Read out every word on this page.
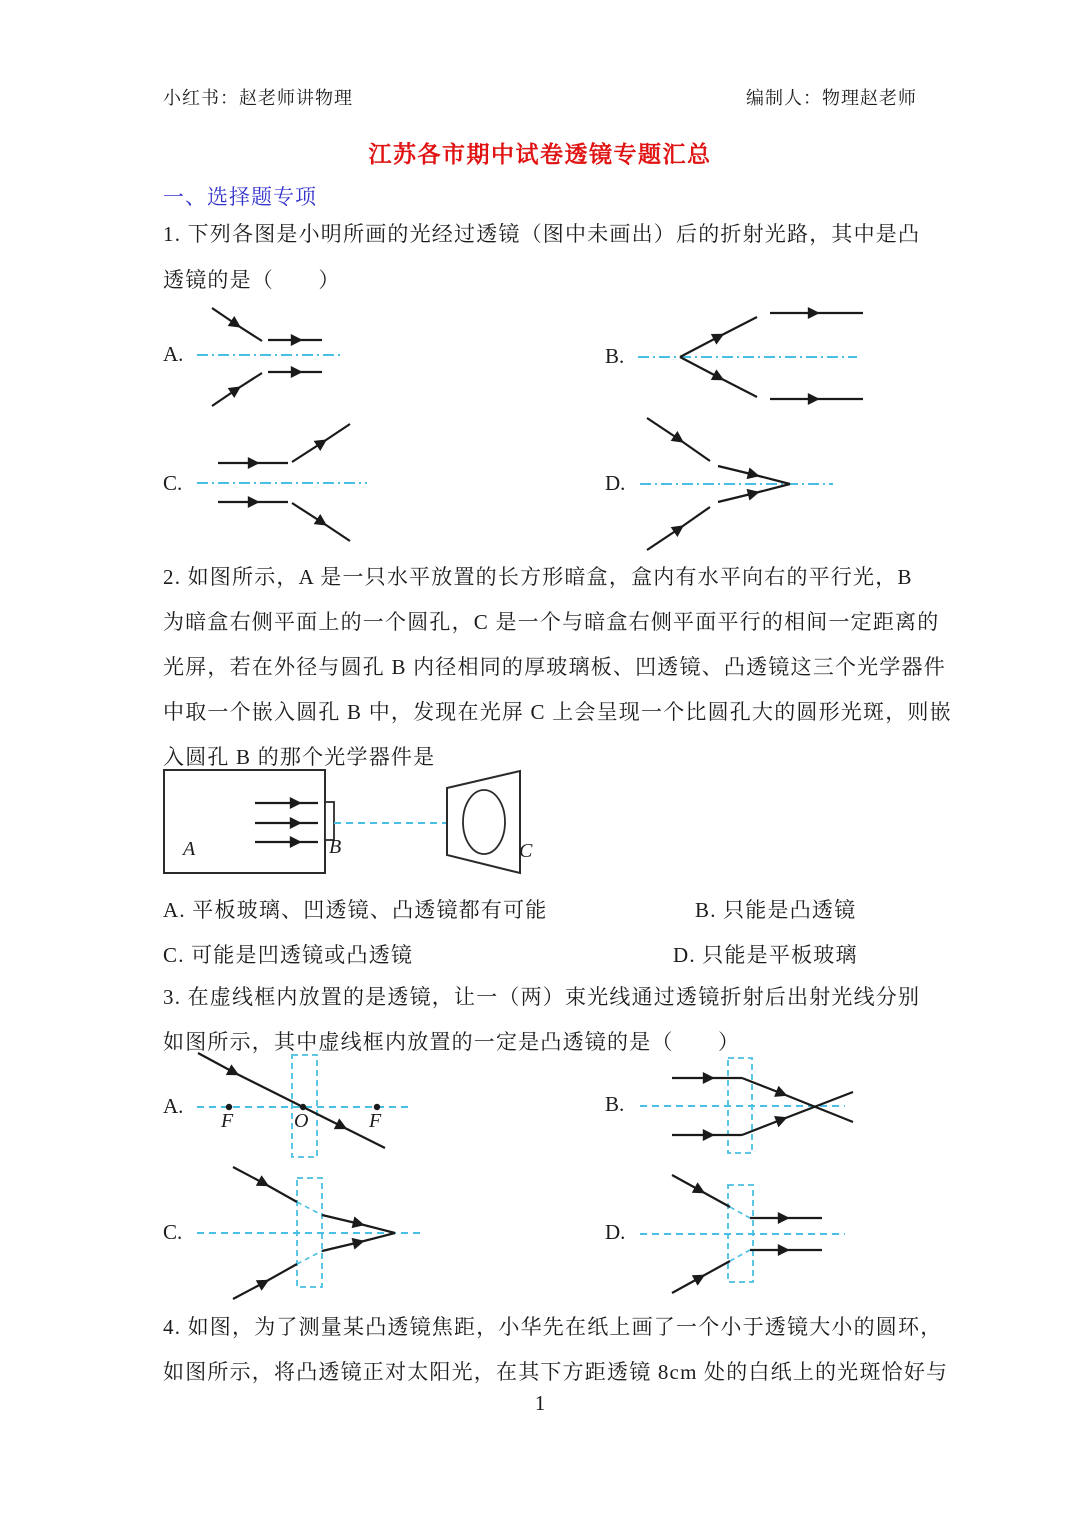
小红书：赵老师讲物理	编制人：物理赵老师
江苏各市期中试卷透镜专题汇总
一、选择题专项
1. 下列各图是小明所画的光经过透镜（图中未画出）后的折射光路，其中是凸
透镜的是（　　）
A.	B.
C.	D.
2. 如图所示，A 是一只水平放置的长方形暗盒，盒内有水平向右的平行光，B
为暗盒右侧平面上的一个圆孔，C 是一个与暗盒右侧平面平行的相间一定距离的
光屏，若在外径与圆孔 B 内径相同的厚玻璃板、凹透镜、凸透镜这三个光学器件
中取一个嵌入圆孔 B 中，发现在光屏 C 上会呈现一个比圆孔大的圆形光斑，则嵌
入圆孔 B 的那个光学器件是
A	B	C
A. 平板玻璃、凹透镜、凸透镜都有可能	B. 只能是凸透镜
C. 可能是凹透镜或凸透镜	D. 只能是平板玻璃
3. 在虚线框内放置的是透镜，让一（两）束光线通过透镜折射后出射光线分别
如图所示，其中虚线框内放置的一定是凸透镜的是（　　）
A.	B.
C.	D.
F	O	F
4. 如图，为了测量某凸透镜焦距，小华先在纸上画了一个小于透镜大小的圆环，
如图所示，将凸透镜正对太阳光，在其下方距透镜 8cm 处的白纸上的光斑恰好与
1
